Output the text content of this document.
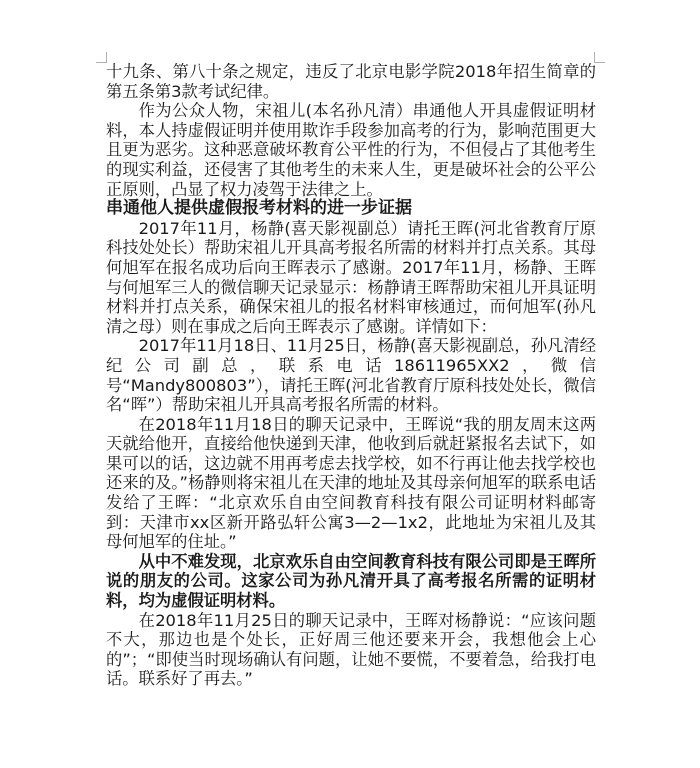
十九条、第八十条之规定，违反了北京电影学院2018年招生简章的第五条第3款考试纪律。

作为公众人物，宋祖儿(本名孙凡清）串通他人开具虚假证明材料，本人持虚假证明并使用欺诈手段参加高考的行为，影响范围更大且更为恶劣。这种恶意破坏教育公平性的行为，不但侵占了其他考生的现实利益，还侵害了其他考生的未来人生，更是破坏社会的公平公正原则，凸显了权力凌驾于法律之上。

串通他人提供虚假报考材料的进一步证据

2017年11月，杨静(喜天影视副总）请托王晖(河北省教育厅原科技处处长）帮助宋祖儿开具高考报名所需的材料并打点关系。其母何旭军在报名成功后向王晖表示了感谢。2017年11月，杨静、王晖与何旭军三人的微信聊天记录显示：杨静请王晖帮助宋祖儿开具证明材料并打点关系，确保宋祖儿的报名材料审核通过，而何旭军(孙凡清之母）则在事成之后向王晖表示了感谢。详情如下：

2017年11月18日、11月25日，杨静(喜天影视副总，孙凡清经纪公司副总，联系电话18611965XX2，微信号“Mandy800803”），请托王晖(河北省教育厅原科技处处长，微信名“晖”）帮助宋祖儿开具高考报名所需的材料。

在2018年11月18日的聊天记录中，王晖说“我的朋友周末这两天就给他开，直接给他快递到天津，他收到后就赶紧报名去试下，如果可以的话，这边就不用再考虑去找学校，如不行再让他去找学校也还来的及。”杨静则将宋祖儿在天津的地址及其母亲何旭军的联系电话发给了王晖：“北京欢乐自由空间教育科技有限公司证明材料邮寄到：天津市xx区新开路弘轩公寓3—2—1x2，此地址为宋祖儿及其母何旭军的住址。”

从中不难发现，北京欢乐自由空间教育科技有限公司即是王晖所说的朋友的公司。这家公司为孙凡清开具了高考报名所需的证明材料，均为虚假证明材料。

在2018年11月25日的聊天记录中，王晖对杨静说：“应该问题不大，那边也是个处长，正好周三他还要来开会，我想他会上心的”；“即使当时现场确认有问题，让她不要慌，不要着急，给我打电话。联系好了再去。”
